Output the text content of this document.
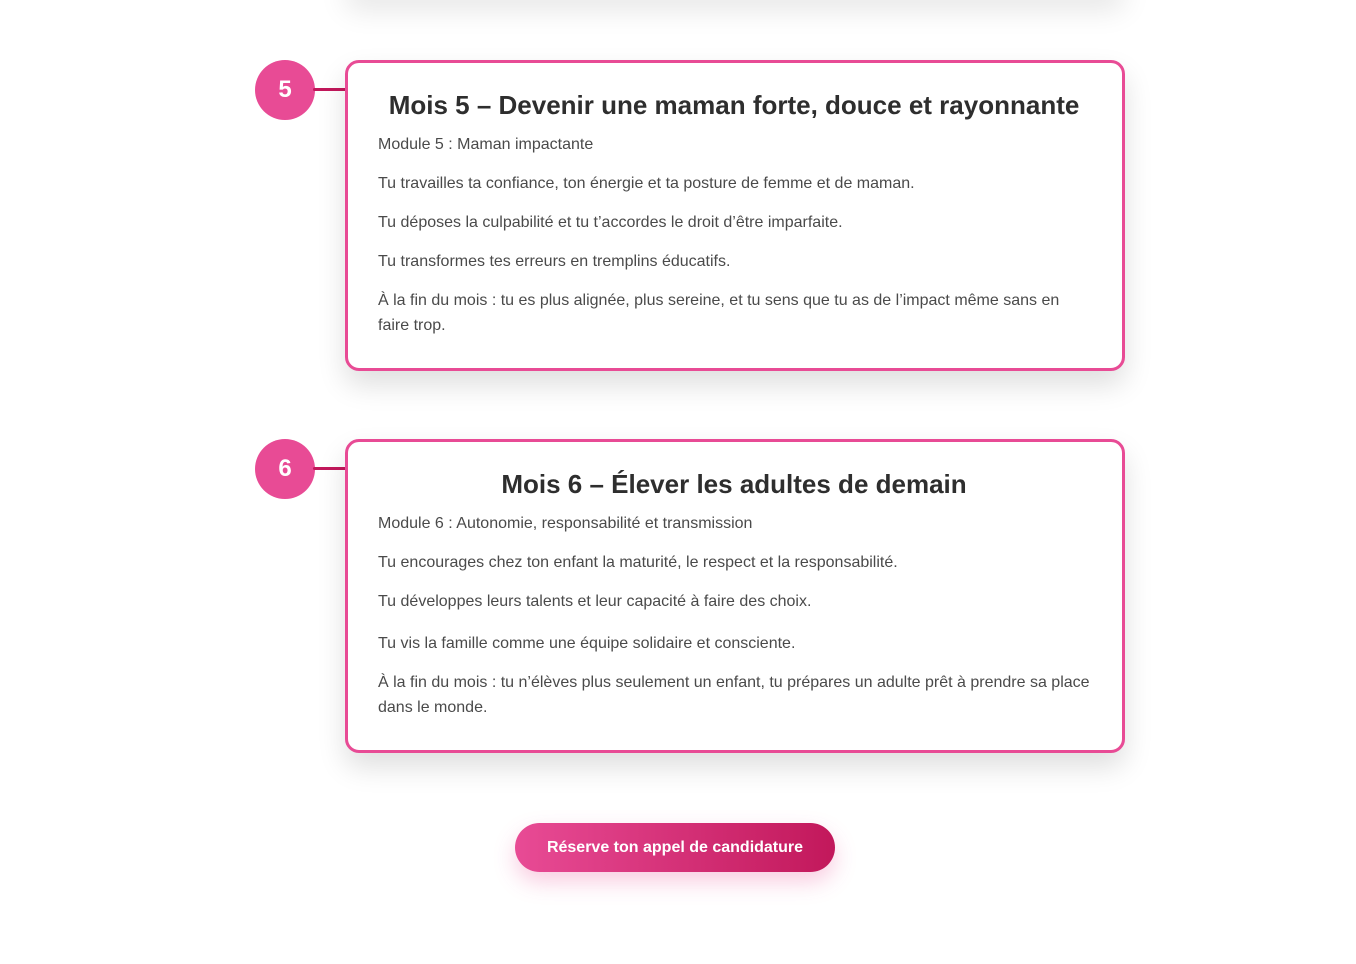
5
Mois 5 – Devenir une maman forte, douce et rayonnante

Module 5 : Maman impactante

Tu travailles ta confiance, ton énergie et ta posture de femme et de maman.

Tu déposes la culpabilité et tu t’accordes le droit d’être imparfaite.

Tu transformes tes erreurs en tremplins éducatifs.

À la fin du mois : tu es plus alignée, plus sereine, et tu sens que tu as de l’impact même sans en faire trop.

6
Mois 6 – Élever les adultes de demain

Module 6 : Autonomie, responsabilité et transmission

Tu encourages chez ton enfant la maturité, le respect et la responsabilité.

Tu développes leurs talents et leur capacité à faire des choix.

Tu vis la famille comme une équipe solidaire et consciente.

À la fin du mois : tu n’élèves plus seulement un enfant, tu prépares un adulte prêt à prendre sa place dans le monde.

Réserve ton appel de candidature
